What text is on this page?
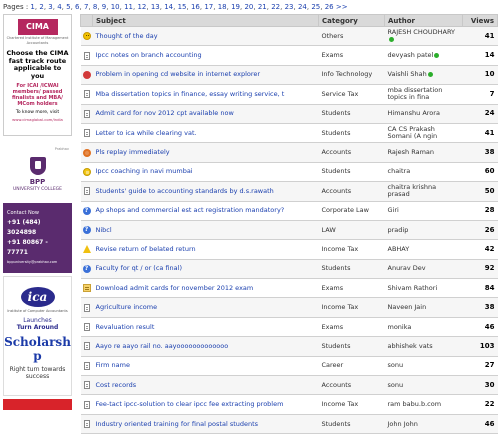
Pages : 1, 2, 3, 4, 5, 6, 7, 8, 9, 10, 11, 12, 13, 14, 15, 16, 17, 18, 19, 20, 21, 22, 23, 24, 25, 26 >>
CIMA
Chartered Institute of Management Accountants
Choose the CIMA fast track route applicable to you
For ICAI /ICWAI members/ passed finalists and MBA/ MCom holders
To know more, visit
www.cimaglobal.com/india
Prabhav
BPP
UNIVERSITY COLLEGE
Contact Now
+91 (484) 3024898
+91 80867 - 77771
bppuniversity@prabhav.com
ica
Institute of Computer Accountants
Launches
Turn Around
Scholarsh p
Right turn towards success
	Subject	Category	Author	Views
	Thought of the day	Others	RAJESH CHOUDHARY	41
	Ipcc notes on branch accounting	Exams	devyash patel	14
	Problem in opening cd website in internet explorer	Info Technology	Vaishli Shah	10
	Mba dissertation topics in finance, essay writing service, t	Service Tax	mba dissertation topics in fina	7
	Admit card for nov 2012 cpt available now	Students	Himanshu Arora	24
	Letter to ica while clearing vat.	Students	CA CS Prakash Somani (A ngin	41
	Pls replay immediately	Accounts	Rajesh Raman	38
	Ipcc coaching in navi mumbai	Students	chaitra	60
	Students' guide to accounting standards by d.s.rawath	Accounts	chaitra krishna prasad	50
?	Ap shops and commercial est act registration mandatory?	Corporate Law	Giri	28
?	Nibcl	LAW	pradip	26
	Revise return of belated return	Income Tax	ABHAY	42
?	Faculty for qt / or (ca final)	Students	Anurav Dev	92
	Download admit cards for november 2012 exam	Exams	Shivam Rathori	84
	Agriculture income	Income Tax	Naveen Jain	38
	Revaluation result	Exams	monika	46
	Aayo re aayo rail no. aayooooooooooooo	Students	abhishek vats	103
	Firm name	Career	sonu	27
	Cost records	Accounts	sonu	30
	Fee-tact ipcc-solution to clear ipcc fee extracting problem	Income Tax	ram babu.b.com	22
	Industry oriented training for final postal students	Students	John John	46
